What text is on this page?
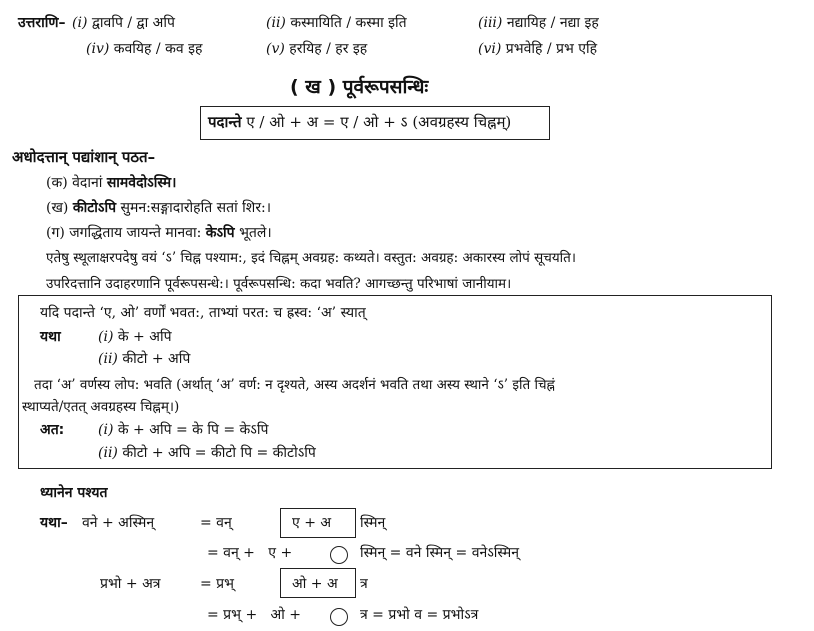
उत्तराणि– (i) द्वावपि / द्वा अपि	(ii) कस्मायिति / कस्मा इति	(iii) नद्यायिह / नद्या इह
(iv) कवयिह / कव इह	(v) हरयिह / हर इह	(vi) प्रभवेहि / प्रभ एहि
( ख ) पूर्वरूपसन्धिः
पदान्ते ए / ओ + अ = ए / ओ + ऽ (अवग्रहस्य चिह्नम्)
अधोदत्तान् पद्यांशान् पठत–
(क) वेदानां सामवेदोऽस्मि।
(ख) कीटोऽपि सुमन:सङ्गादारोहति सतां शिर:।
(ग) जगद्धिताय जायन्ते मानवा: केऽपि भूतले।
एतेषु स्थूलाक्षरपदेषु वयं ‘ऽ’ चिह्न पश्याम:, इदं चिह्नम् अवग्रह: कथ्यते। वस्तुत: अवग्रह: अकारस्य लोपं सूचयति।
उपरिदत्तानि उदाहरणानि पूर्वरूपसन्धे:। पूर्वरूपसन्धि: कदा भवति? आगच्छन्तु परिभाषां जानीयाम।
यदि पदान्ते ‘ए, ओ’ वर्णों भवत:, ताभ्यां परत: च ह्रस्व: ‘अ’ स्यात्
यथा	(i) के + अपि
(ii) कीटो + अपि
तदा ‘अ’ वर्णस्य लोप: भवति (अर्थात् ‘अ’ वर्ण: न दृश्यते, अस्य अदर्शनं भवति तथा अस्य स्थाने ‘ऽ’ इति चिह्नं
स्थाप्यते/एतत् अवग्रहस्य चिह्नम्।)
अत: (i) के + अपि = के पि = केऽपि
(ii) कीटो + अपि = कीटो पि = कीटोऽपि
ध्यानेन पश्यत
यथा– वने + अस्मिन्	= वन्	ए + अ स्मिन्
= वन् +   ए +	स्मिन् = वने स्मिन् = वनेऽस्मिन्
प्रभो + अत्र	= प्रभ्	ओ + अ त्र
= प्रभ् +   ओ +	त्र = प्रभो व = प्रभोऽत्र
